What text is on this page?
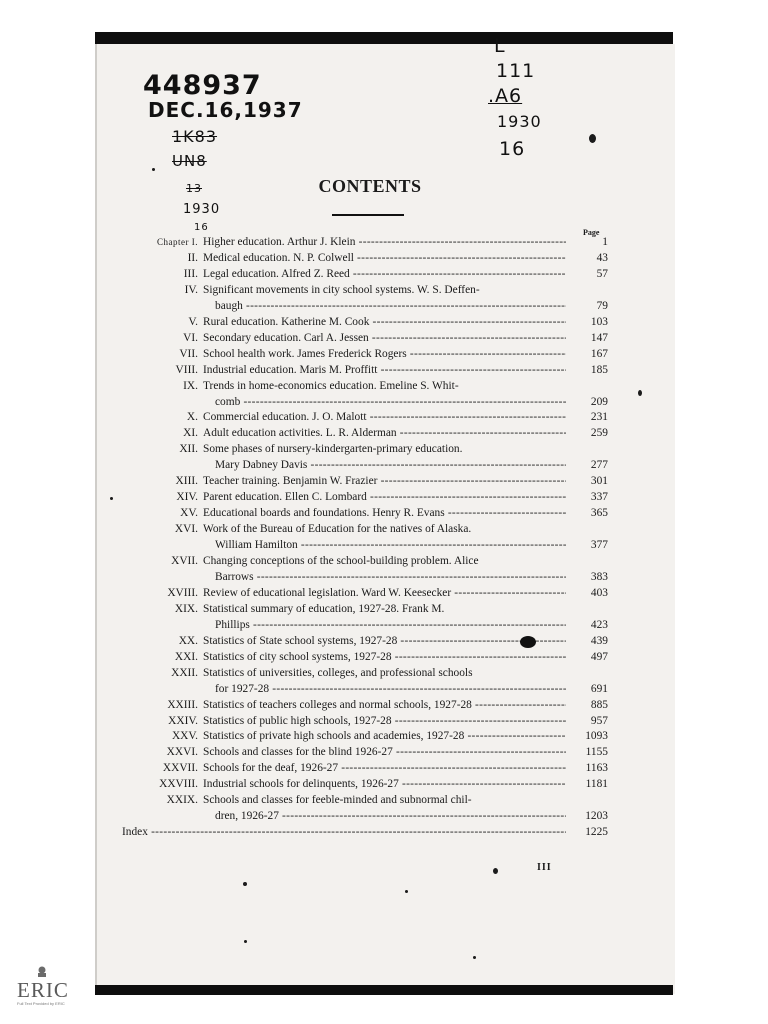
448937
DEC.16,1937
1K83
UN8
13
1930
16
L
111
.A6
1930
16
CONTENTS
Page
Chapter I. Higher education. Arthur J. Klein -----	1
II. Medical education. N. P. Colwell -----	43
III. Legal education. Alfred Z. Reed -----	57
IV. Significant movements in city school systems. W. S. Deffen-
baugh -----	79
V. Rural education. Katherine M. Cook -----	103
VI. Secondary education. Carl A. Jessen -----	147
VII. School health work. James Frederick Rogers -----	167
VIII. Industrial education. Maris M. Proffitt -----	185
IX. Trends in home-economics education. Emeline S. Whit-
comb -----	209
X. Commercial education. J. O. Malott -----	231
XI. Adult education activities. L. R. Alderman -----	259
XII. Some phases of nursery-kindergarten-primary education.
Mary Dabney Davis -----	277
XIII. Teacher training. Benjamin W. Frazier -----	301
XIV. Parent education. Ellen C. Lombard -----	337
XV. Educational boards and foundations. Henry R. Evans -----	365
XVI. Work of the Bureau of Education for the natives of Alaska.
William Hamilton -----	377
XVII. Changing conceptions of the school-building problem. Alice
Barrows -----	383
XVIII. Review of educational legislation. Ward W. Keesecker -----	403
XIX. Statistical summary of education, 1927-28. Frank M.
Phillips -----	423
XX. Statistics of State school systems, 1927-28 -----	439
XXI. Statistics of city school systems, 1927-28 -----	497
XXII. Statistics of universities, colleges, and professional schools
for 1927-28 -----	691
XXIII. Statistics of teachers colleges and normal schools, 1927-28 -----	885
XXIV. Statistics of public high schools, 1927-28 -----	957
XXV. Statistics of private high schools and academies, 1927-28 -----	1093
XXVI. Schools and classes for the blind 1926-27 -----	1155
XXVII. Schools for the deaf, 1926-27 -----	1163
XXVIII. Industrial schools for delinquents, 1926-27 -----	1181
XXIX. Schools and classes for feeble-minded and subnormal chil-
dren, 1926-27 -----	1203
Index -----	1225
III
ERIC
Full Text Provided by ERIC
